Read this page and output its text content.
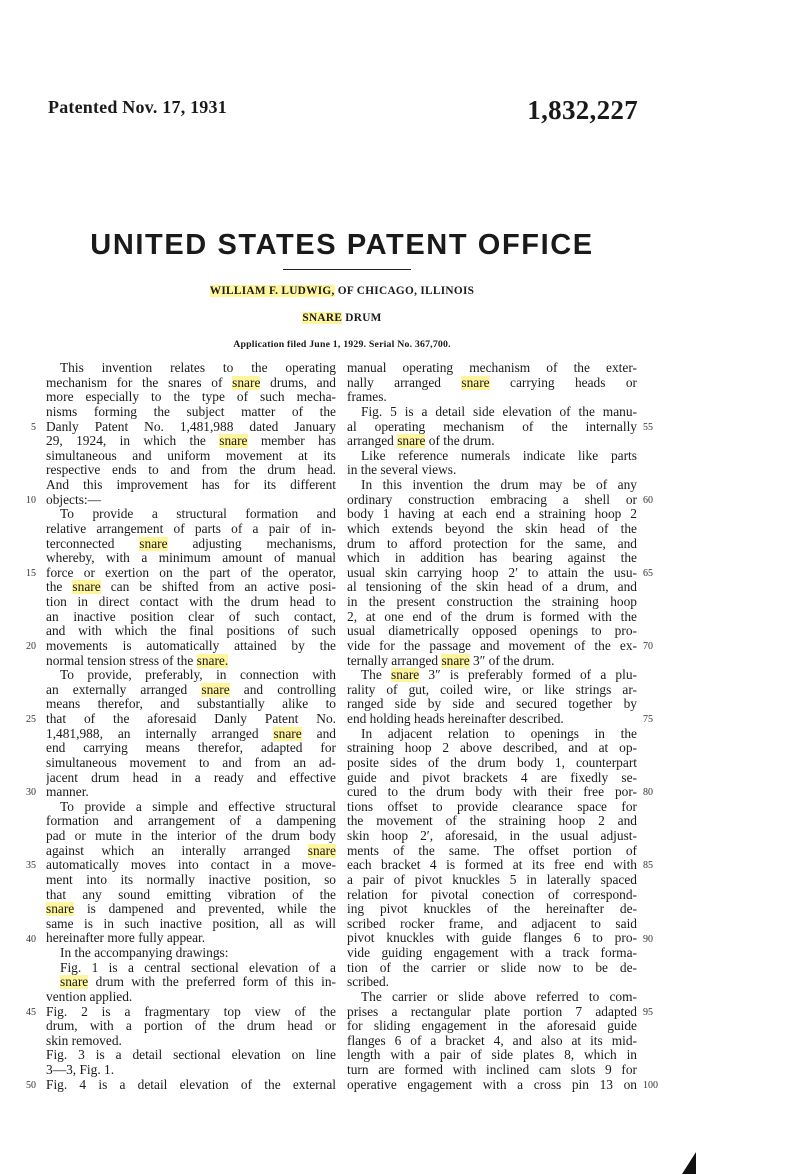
Patented Nov. 17, 1931	1,832,227
UNITED STATES PATENT OFFICE
WILLIAM F. LUDWIG, OF CHICAGO, ILLINOIS
SNARE DRUM
Application filed June 1, 1929. Serial No. 367,700.
This invention relates to the operating
mechanism for the snares of snare drums, and
more especially to the type of such mecha-
nisms forming the subject matter of the
Danly Patent No. 1,481,988 dated January
29, 1924, in which the snare member has
simultaneous and uniform movement at its
respective ends to and from the drum head.
And this improvement has for its different
objects:—
To provide a structural formation and
relative arrangement of parts of a pair of in-
terconnected snare adjusting mechanisms,
whereby, with a minimum amount of manual
force or exertion on the part of the operator,
the snare can be shifted from an active posi-
tion in direct contact with the drum head to
an inactive position clear of such contact,
and with which the final positions of such
movements is automatically attained by the
normal tension stress of the snare.
To provide, preferably, in connection with
an externally arranged snare and controlling
means therefor, and substantially alike to
that of the aforesaid Danly Patent No.
1,481,988, an internally arranged snare and
end carrying means therefor, adapted for
simultaneous movement to and from an ad-
jacent drum head in a ready and effective
manner.
To provide a simple and effective structural
formation and arrangement of a dampening
pad or mute in the interior of the drum body
against which an interally arranged snare
automatically moves into contact in a move-
ment into its normally inactive position, so
that any sound emitting vibration of the
snare is dampened and prevented, while the
same is in such inactive position, all as will
hereinafter more fully appear.
In the accompanying drawings:
Fig. 1 is a central sectional elevation of a
snare drum with the preferred form of this in-
vention applied.
Fig. 2 is a fragmentary top view of the
drum, with a portion of the drum head or
skin removed.
Fig. 3 is a detail sectional elevation on line
3—3, Fig. 1.
Fig. 4 is a detail elevation of the external
manual operating mechanism of the exter-
nally arranged snare carrying heads or
frames.
Fig. 5 is a detail side elevation of the manu-
al operating mechanism of the internally
arranged snare of the drum.
Like reference numerals indicate like parts
in the several views.
In this invention the drum may be of any
ordinary construction embracing a shell or
body 1 having at each end a straining hoop 2
which extends beyond the skin head of the
drum to afford protection for the same, and
which in addition has bearing against the
usual skin carrying hoop 2′ to attain the usu-
al tensioning of the skin head of a drum, and
in the present construction the straining hoop
2, at one end of the drum is formed with the
usual diametrically opposed openings to pro-
vide for the passage and movement of the ex-
ternally arranged snare 3″ of the drum.
The snare 3″ is preferably formed of a plu-
rality of gut, coiled wire, or like strings ar-
ranged side by side and secured together by
end holding heads hereinafter described.
In adjacent relation to openings in the
straining hoop 2 above described, and at op-
posite sides of the drum body 1, counterpart
guide and pivot brackets 4 are fixedly se-
cured to the drum body with their free por-
tions offset to provide clearance space for
the movement of the straining hoop 2 and
skin hoop 2′, aforesaid, in the usual adjust-
ments of the same. The offset portion of
each bracket 4 is formed at its free end with
a pair of pivot knuckles 5 in laterally spaced
relation for pivotal conection of correspond-
ing pivot knuckles of the hereinafter de-
scribed rocker frame, and adjacent to said
pivot knuckles with guide flanges 6 to pro-
vide guiding engagement with a track forma-
tion of the carrier or slide now to be de-
scribed.
The carrier or slide above referred to com-
prises a rectangular plate portion 7 adapted
for sliding engagement in the aforesaid guide
flanges 6 of a bracket 4, and also at its mid-
length with a pair of side plates 8, which in
turn are formed with inclined cam slots 9 for
operative engagement with a cross pin 13 on
5
10
15
20
25
30
35
40
45
50
55
60
65
70
75
80
85
90
95
100
